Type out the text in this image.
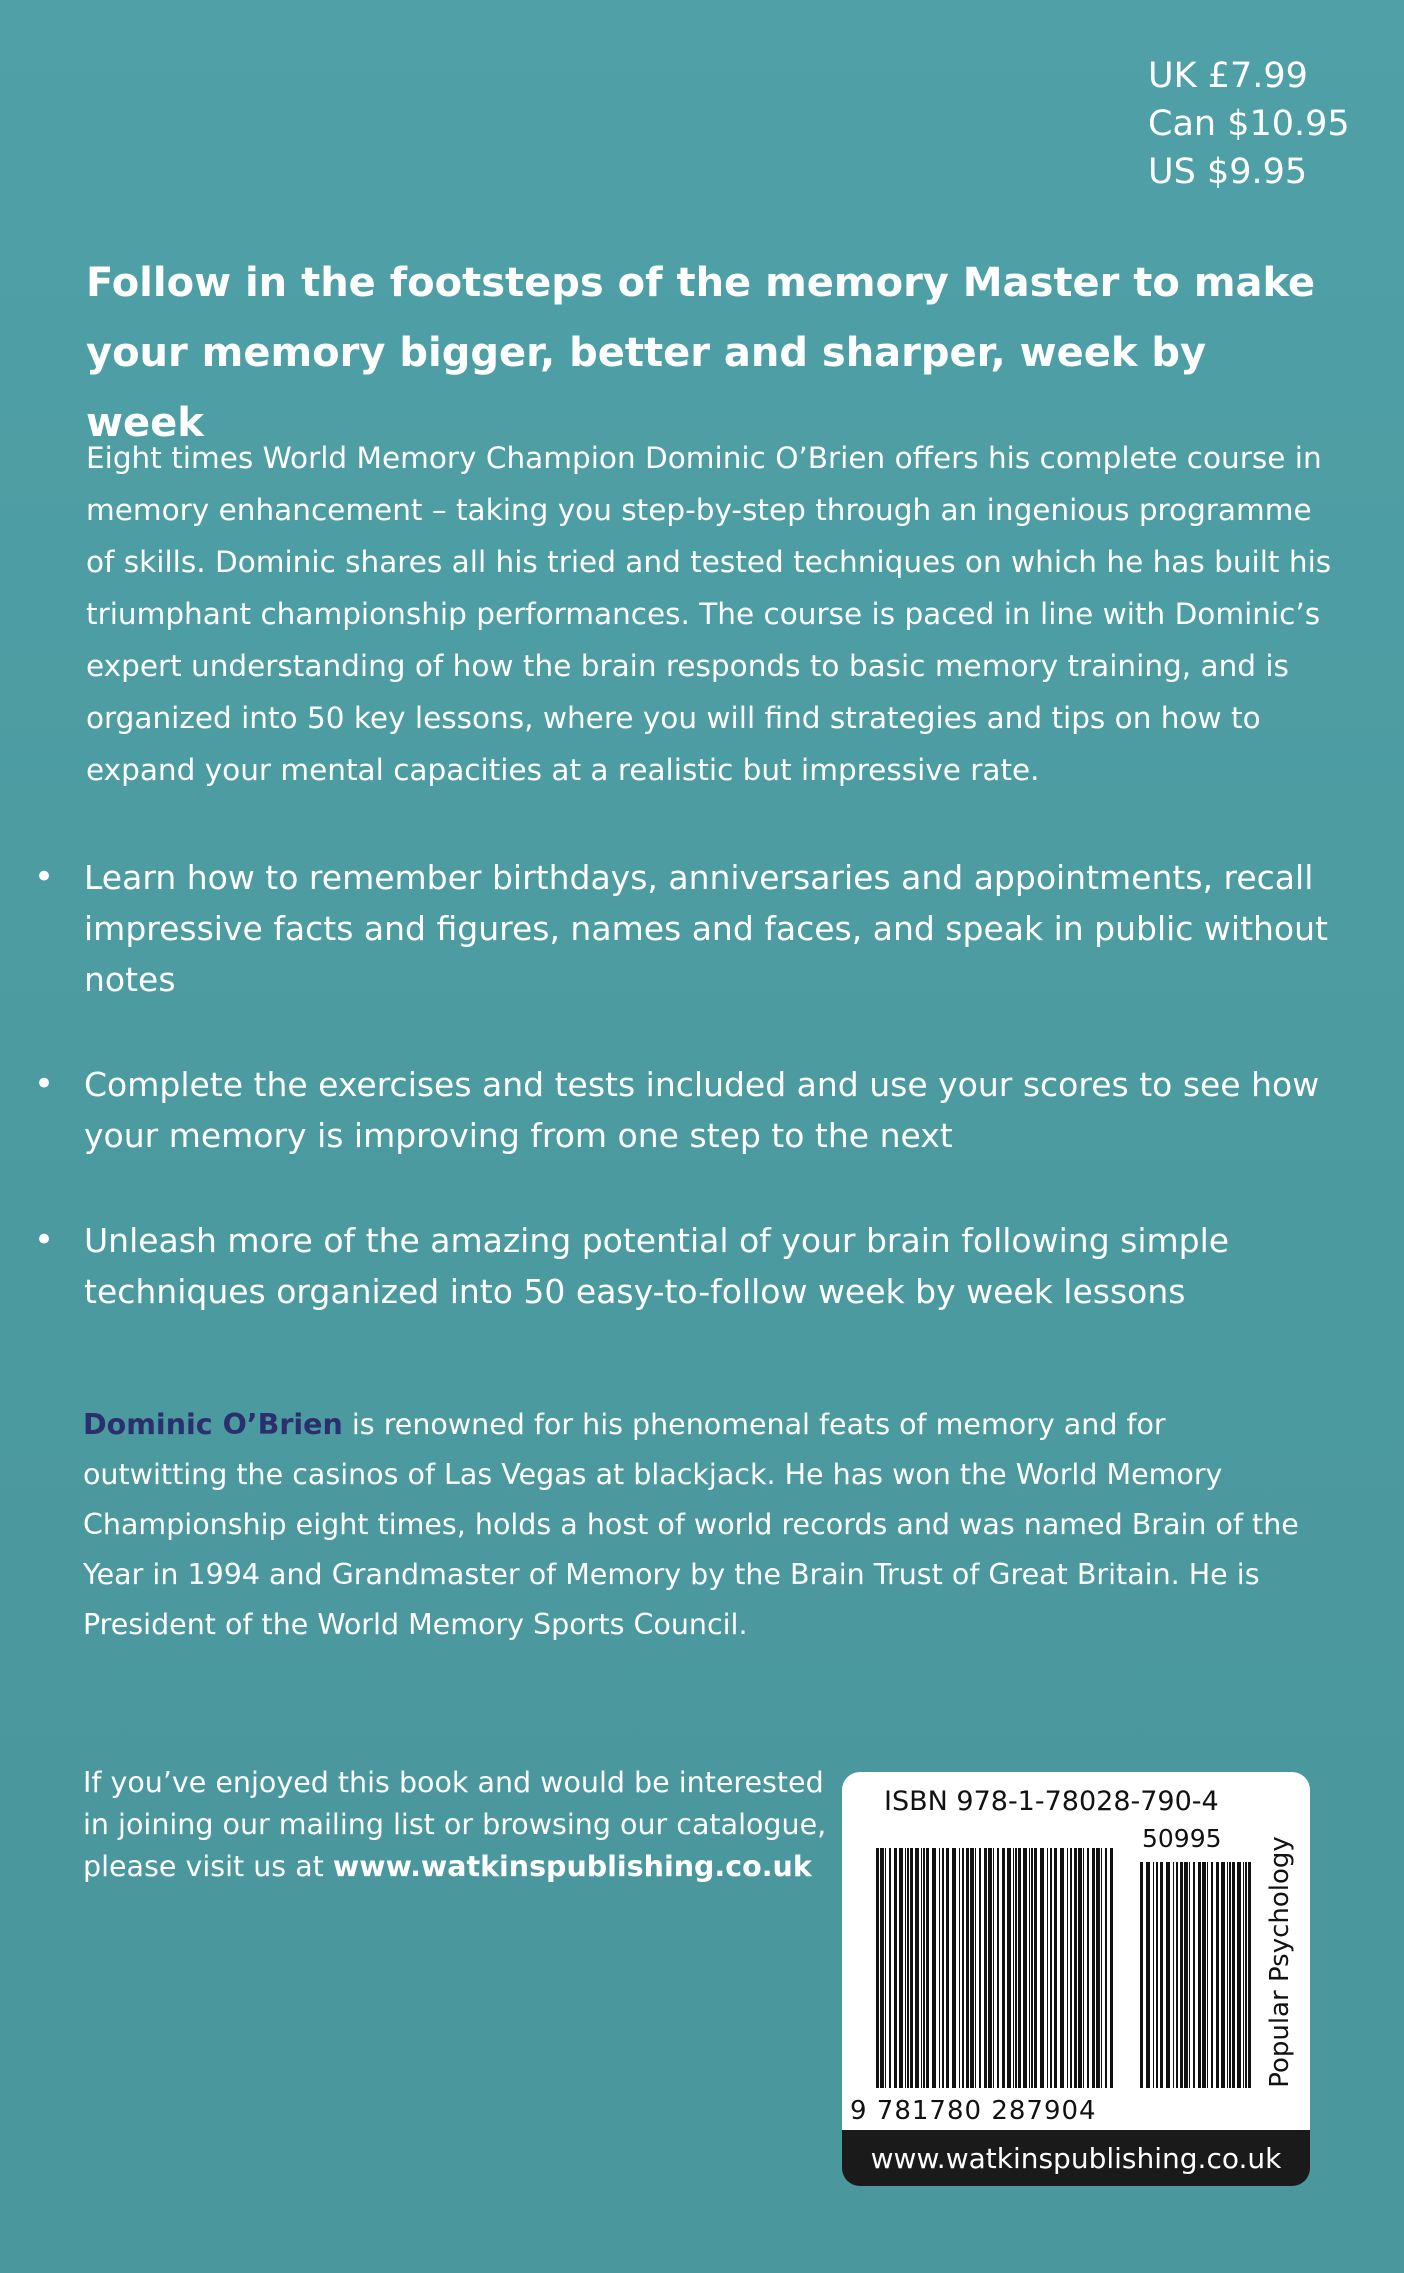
UK £7.99
Can $10.95
US $9.95
Follow in the footsteps of the memory Master to make your memory bigger, better and sharper, week by week
Eight times World Memory Champion Dominic O’Brien offers his complete course in memory enhancement – taking you step-by-step through an ingenious programme of skills. Dominic shares all his tried and tested techniques on which he has built his triumphant championship performances. The course is paced in line with Dominic’s expert understanding of how the brain responds to basic memory training, and is organized into 50 key lessons, where you will find strategies and tips on how to expand your mental capacities at a realistic but impressive rate.
• Learn how to remember birthdays, anniversaries and appointments, recall impressive facts and figures, names and faces, and speak in public without notes
• Complete the exercises and tests included and use your scores to see how your memory is improving from one step to the next
• Unleash more of the amazing potential of your brain following simple techniques organized into 50 easy-to-follow week by week lessons
Dominic O’Brien is renowned for his phenomenal feats of memory and for outwitting the casinos of Las Vegas at blackjack. He has won the World Memory Championship eight times, holds a host of world records and was named Brain of the Year in 1994 and Grandmaster of Memory by the Brain Trust of Great Britain. He is President of the World Memory Sports Council.
If you’ve enjoyed this book and would be interested in joining our mailing list or browsing our catalogue, please visit us at www.watkinspublishing.co.uk
ISBN 978-1-78028-790-4
50995
9 781780 287904
Popular Psychology
www.watkinspublishing.co.uk
